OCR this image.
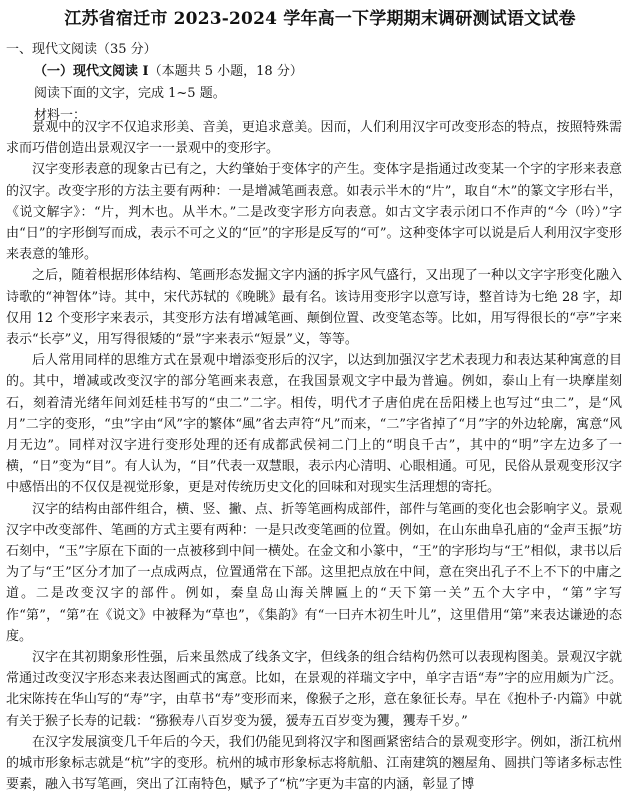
江苏省宿迁市 2023-2024 学年高一下学期期末调研测试语文试卷
一、现代文阅读（35 分）
（一）现代文阅读 I（本题共 5 小题，18 分）
阅读下面的文字，完成 1~5 题。
材料一：

景观中的汉字不仅追求形美、音美，更追求意美。因而，人们利用汉字可改变形态的特点，按照特殊需求而巧借创造出景观汉字一一景观中的变形字。

汉字变形表意的现象古已有之，大约肇始于变体字的产生。变体字是指通过改变某一个字的字形来表意的汉字。改变字形的方法主要有两种：一是增减笔画表意。如表示半木的“片”，取自“木”的篆文字形右半，《说文解字》：“片，判木也。从半木。”二是改变字形方向表意。如古文字表示闭口不作声的“今（吟）”字由“日”的字形倒写而成，表示不可之义的“叵”的字形是反写的“可”。这种变体字可以说是后人利用汉字变形来表意的雏形。

之后，随着根据形体结构、笔画形态发掘文字内涵的拆字风气盛行，又出现了一种以文字字形变化融入诗歌的“神智体”诗。其中，宋代苏轼的《晚眺》最有名。该诗用变形字以意写诗，整首诗为七绝 28 字，却仅用 12 个变形字来表示，其变形方法有增减笔画、颠倒位置、改变笔态等。比如，用写得很长的“亭”字来表示“长亭”义，用写得很矮的“景”字来表示“短景”义，等等。

后人常用同样的思维方式在景观中增添变形后的汉字，以达到加强汉字艺术表现力和表达某种寓意的目的。其中，增减或改变汉字的部分笔画来表意，在我国景观文字中最为普遍。例如，泰山上有一块摩崖刻石，刻着清光绪年间刘廷桂书写的“虫二”二字。相传，明代才子唐伯虎在岳阳楼上也写过“虫二”，是“风月”二字的变形，“虫”字由“风”字的繁体“風”省去声符“凡”而来，“二”字省掉了“月”字的外边轮廓，寓意“风月无边”。同样对汉字进行变形处理的还有成都武侯祠二门上的“明良千古”，其中的“明”字左边多了一横，“日”变为“目”。有人认为，“目”代表一双慧眼，表示内心清明、心眼相通。可见，民俗从景观变形汉字中感悟出的不仅仅是视觉形象，更是对传统历史文化的回味和对现实生活理想的寄托。

汉字的结构由部件组合，横、竖、撇、点、折等笔画构成部件，部件与笔画的变化也会影响字义。景观汉字中改变部件、笔画的方式主要有两种：一是只改变笔画的位置。例如，在山东曲阜孔庙的“金声玉振”坊石刻中，“玉”字原在下面的一点被移到中间一横处。在金文和小篆中，“王”的字形均与“王”相似，隶书以后为了与“王”区分才加了一点成两点，位置通常在下部。这里把点放在中间，意在突出孔子不上不下的中庸之道。二是改变汉字的部件。例如，秦皇岛山海关牌匾上的“天下第一关”五个大字中，“第”字写作“第”，“第”在《说文》中被释为“草也”，《集韵》有“一曰卉木初生叶儿”，这里借用“第”来表达谦逊的态度。

汉字在其初期象形性强，后来虽然成了线条文字，但线条的组合结构仍然可以表现构图美。景观汉字就常通过改变汉字形态来表达图画式的寓意。比如，在景观的祥瑞文字中，单字吉语“寿”字的应用颇为广泛。北宋陈抟在华山写的“寿”字，由草书“寿”变形而来，像猴子之形，意在象征长寿。早在《抱朴子·内篇》中就有关于猴子长寿的记载：“猕猴寿八百岁变为猨，猨寿五百岁变为玃，玃寿千岁。”

在汉字发展演变几千年后的今天，我们仍能见到将汉字和图画紧密结合的景观变形字。例如，浙江杭州的城市形象标志就是“杭”字的变形。杭州的城市形象标志将航船、江南建筑的翘屋角、圆拱门等诸多标志性要素，融入书写笔画，突出了江南特色，赋予了“杭”字更为丰富的内涵，彰显了博
